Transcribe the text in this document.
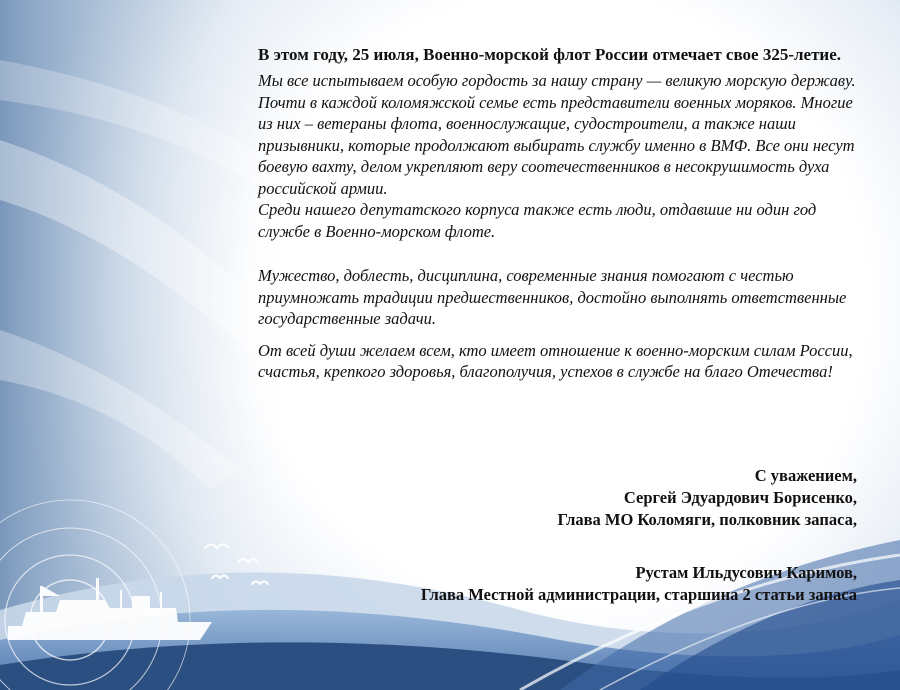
В этом году, 25 июля, Военно-морской флот России отмечает свое 325-летие.

Мы все испытываем особую гордость за нашу страну — великую морскую державу. Почти в каждой коломяжской семье есть представители военных моряков. Многие из них – ветераны флота, военнослужащие, судостроители, а также наши призывники, которые продолжают выбирать службу именно в ВМФ. Все они несут боевую вахту, делом укрепляют веру соотечественников в несокрушимость духа российской армии.

Среди нашего депутатского корпуса также есть люди, отдавшие ни один год службе в Военно-морском флоте.

Мужество, доблесть, дисциплина, современные знания помогают с честью приумножать традиции предшественников, достойно выполнять ответственные государственные задачи.

От всей души желаем всем, кто имеет отношение к военно-морским силам России, счастья, крепкого здоровья, благополучия, успехов в службе на благо Отечества!

С уважением,

Сергей Эдуардович Борисенко,

Глава МО Коломяги, полковник запаса,

Рустам Ильдусович Каримов,

Глава Местной администрации, старшина 2 статьи запаса
